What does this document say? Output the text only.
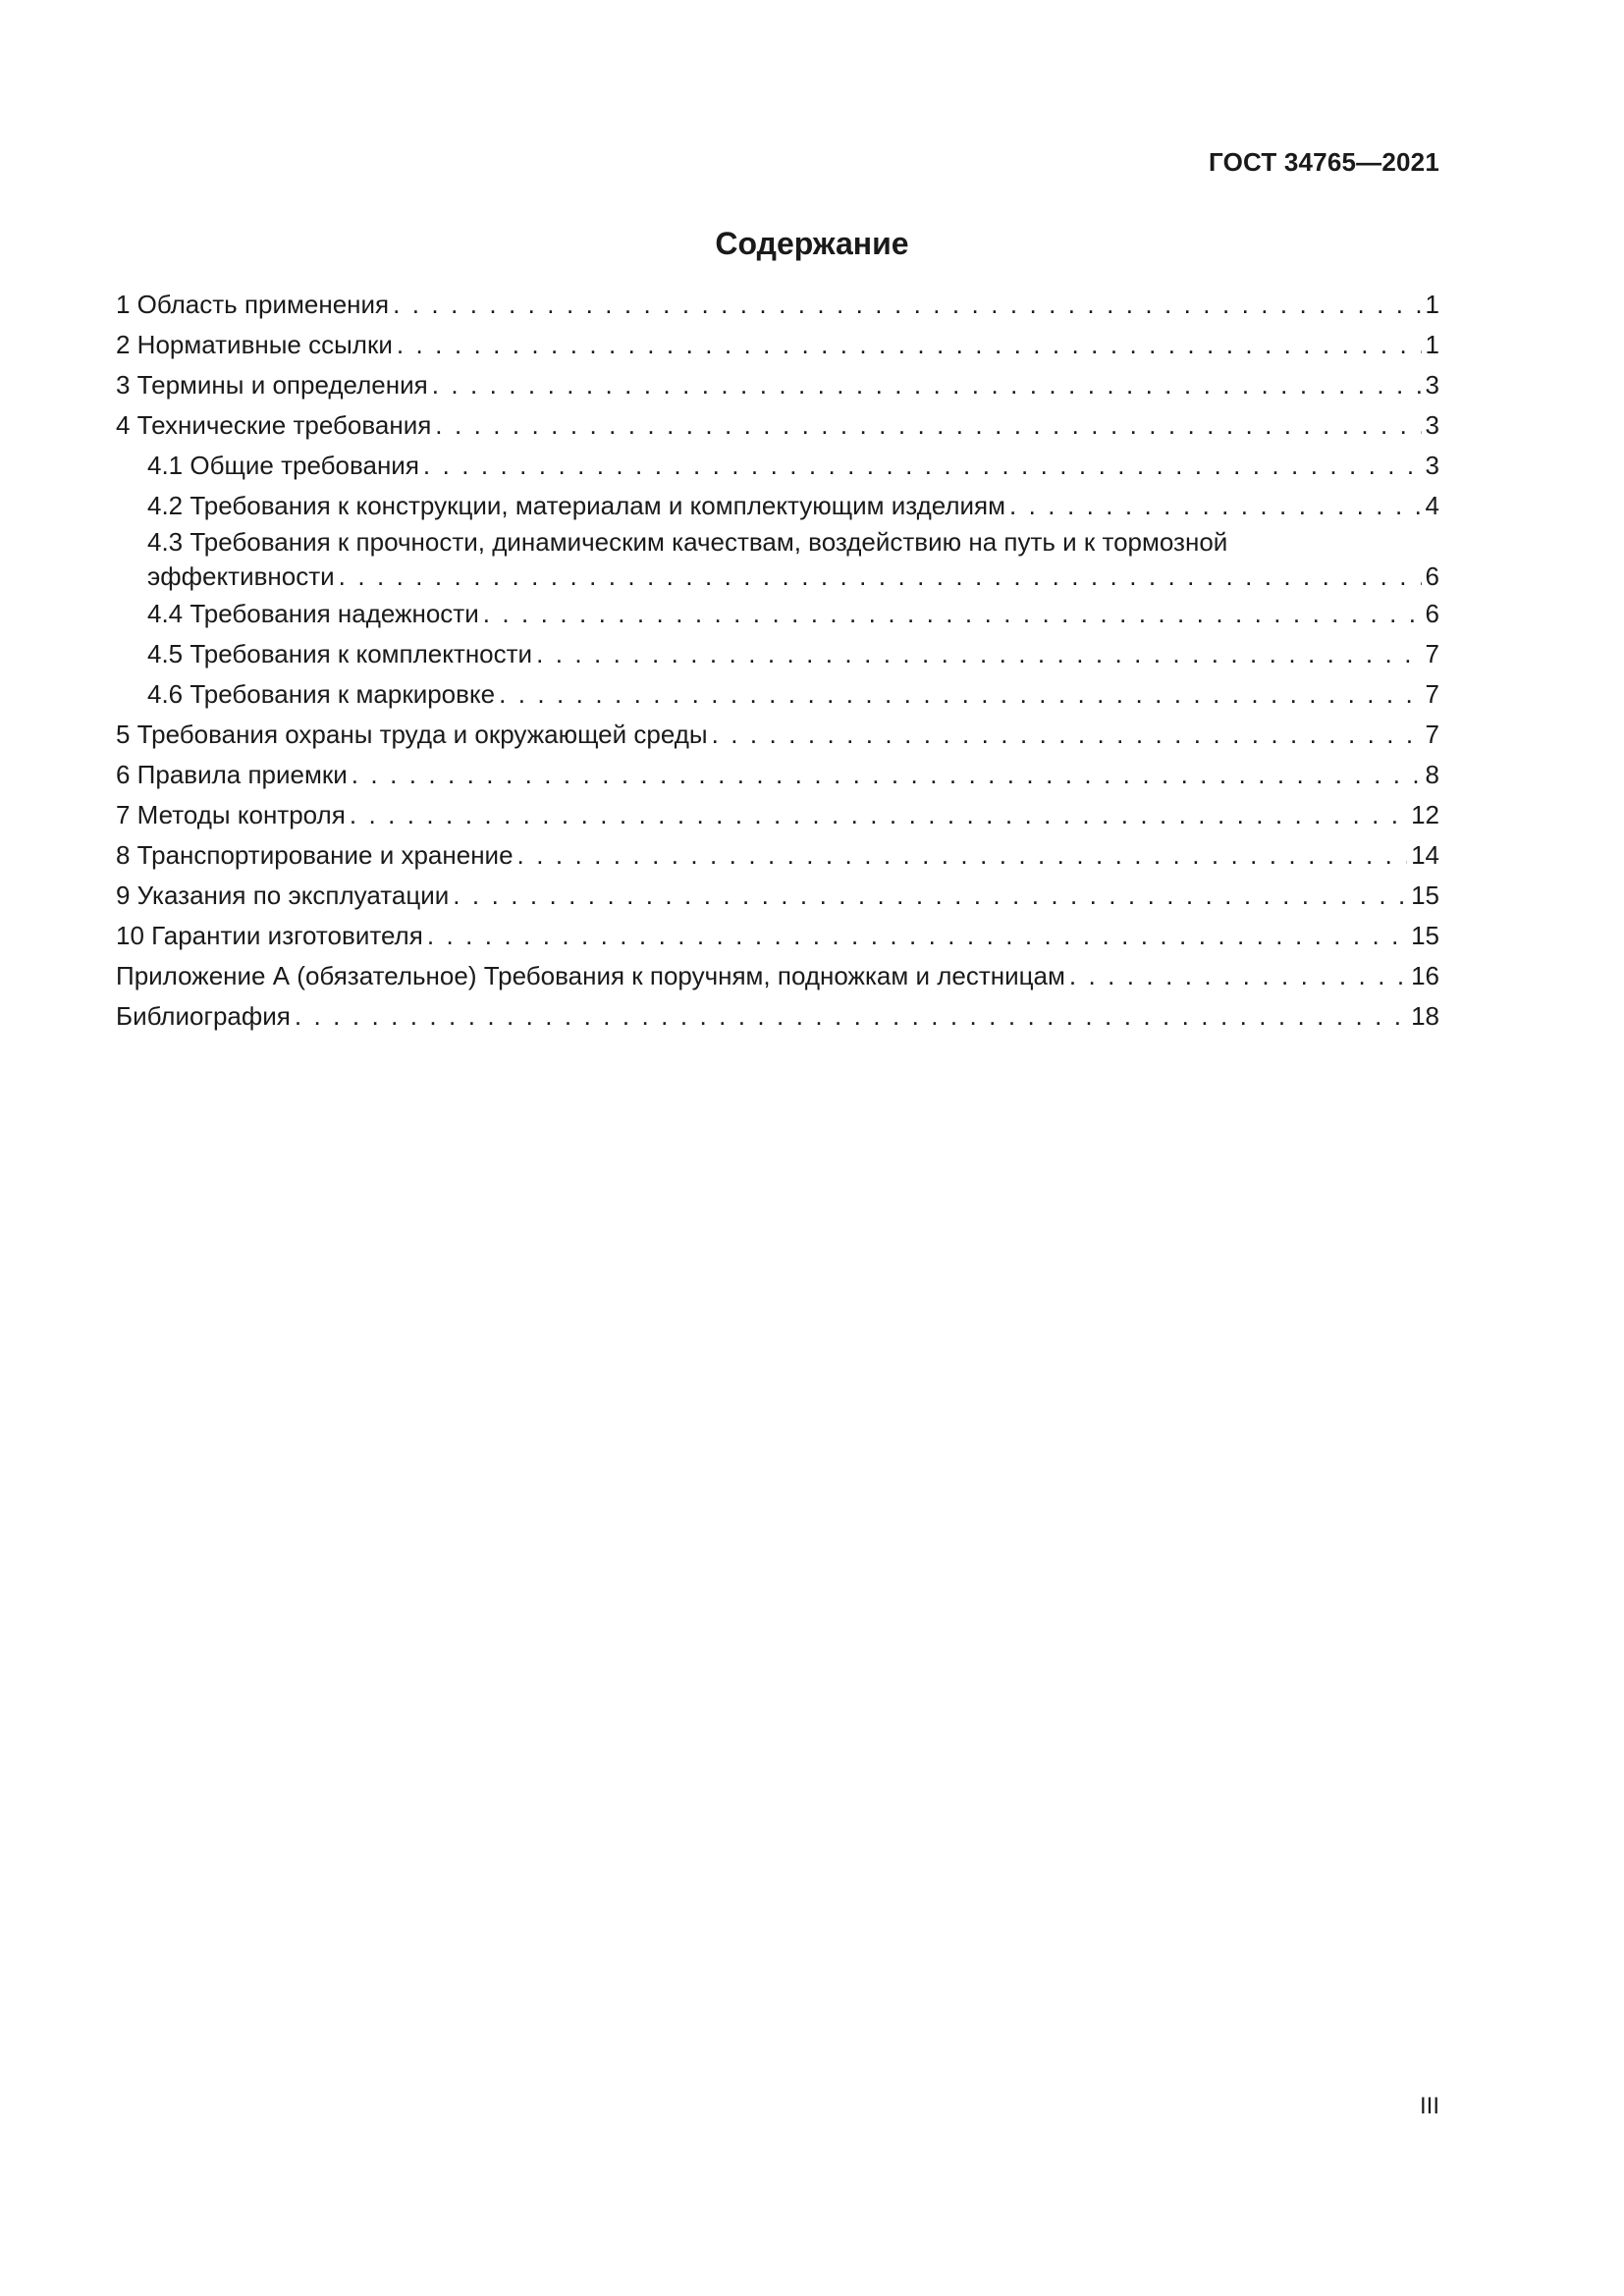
ГОСТ 34765—2021
Содержание
1 Область применения . . .	1
2 Нормативные ссылки . . .	1
3 Термины и определения . . .	3
4 Технические требования . . .	3
4.1 Общие требования . . .	3
4.2 Требования к конструкции, материалам и комплектующим изделиям . . .	4
4.3 Требования к прочности, динамическим качествам, воздействию на путь и к тормозной
эффективности . . .	6
4.4 Требования надежности . . .	6
4.5 Требования к комплектности . . .	7
4.6 Требования к маркировке . . .	7
5 Требования охраны труда и окружающей среды . . .	7
6 Правила приемки . . .	8
7 Методы контроля . . .	12
8 Транспортирование и хранение . . .	14
9 Указания по эксплуатации . . .	15
10 Гарантии изготовителя . . .	15
Приложение А (обязательное) Требования к поручням, подножкам и лестницам . . .	16
Библиография . . .	18
III
